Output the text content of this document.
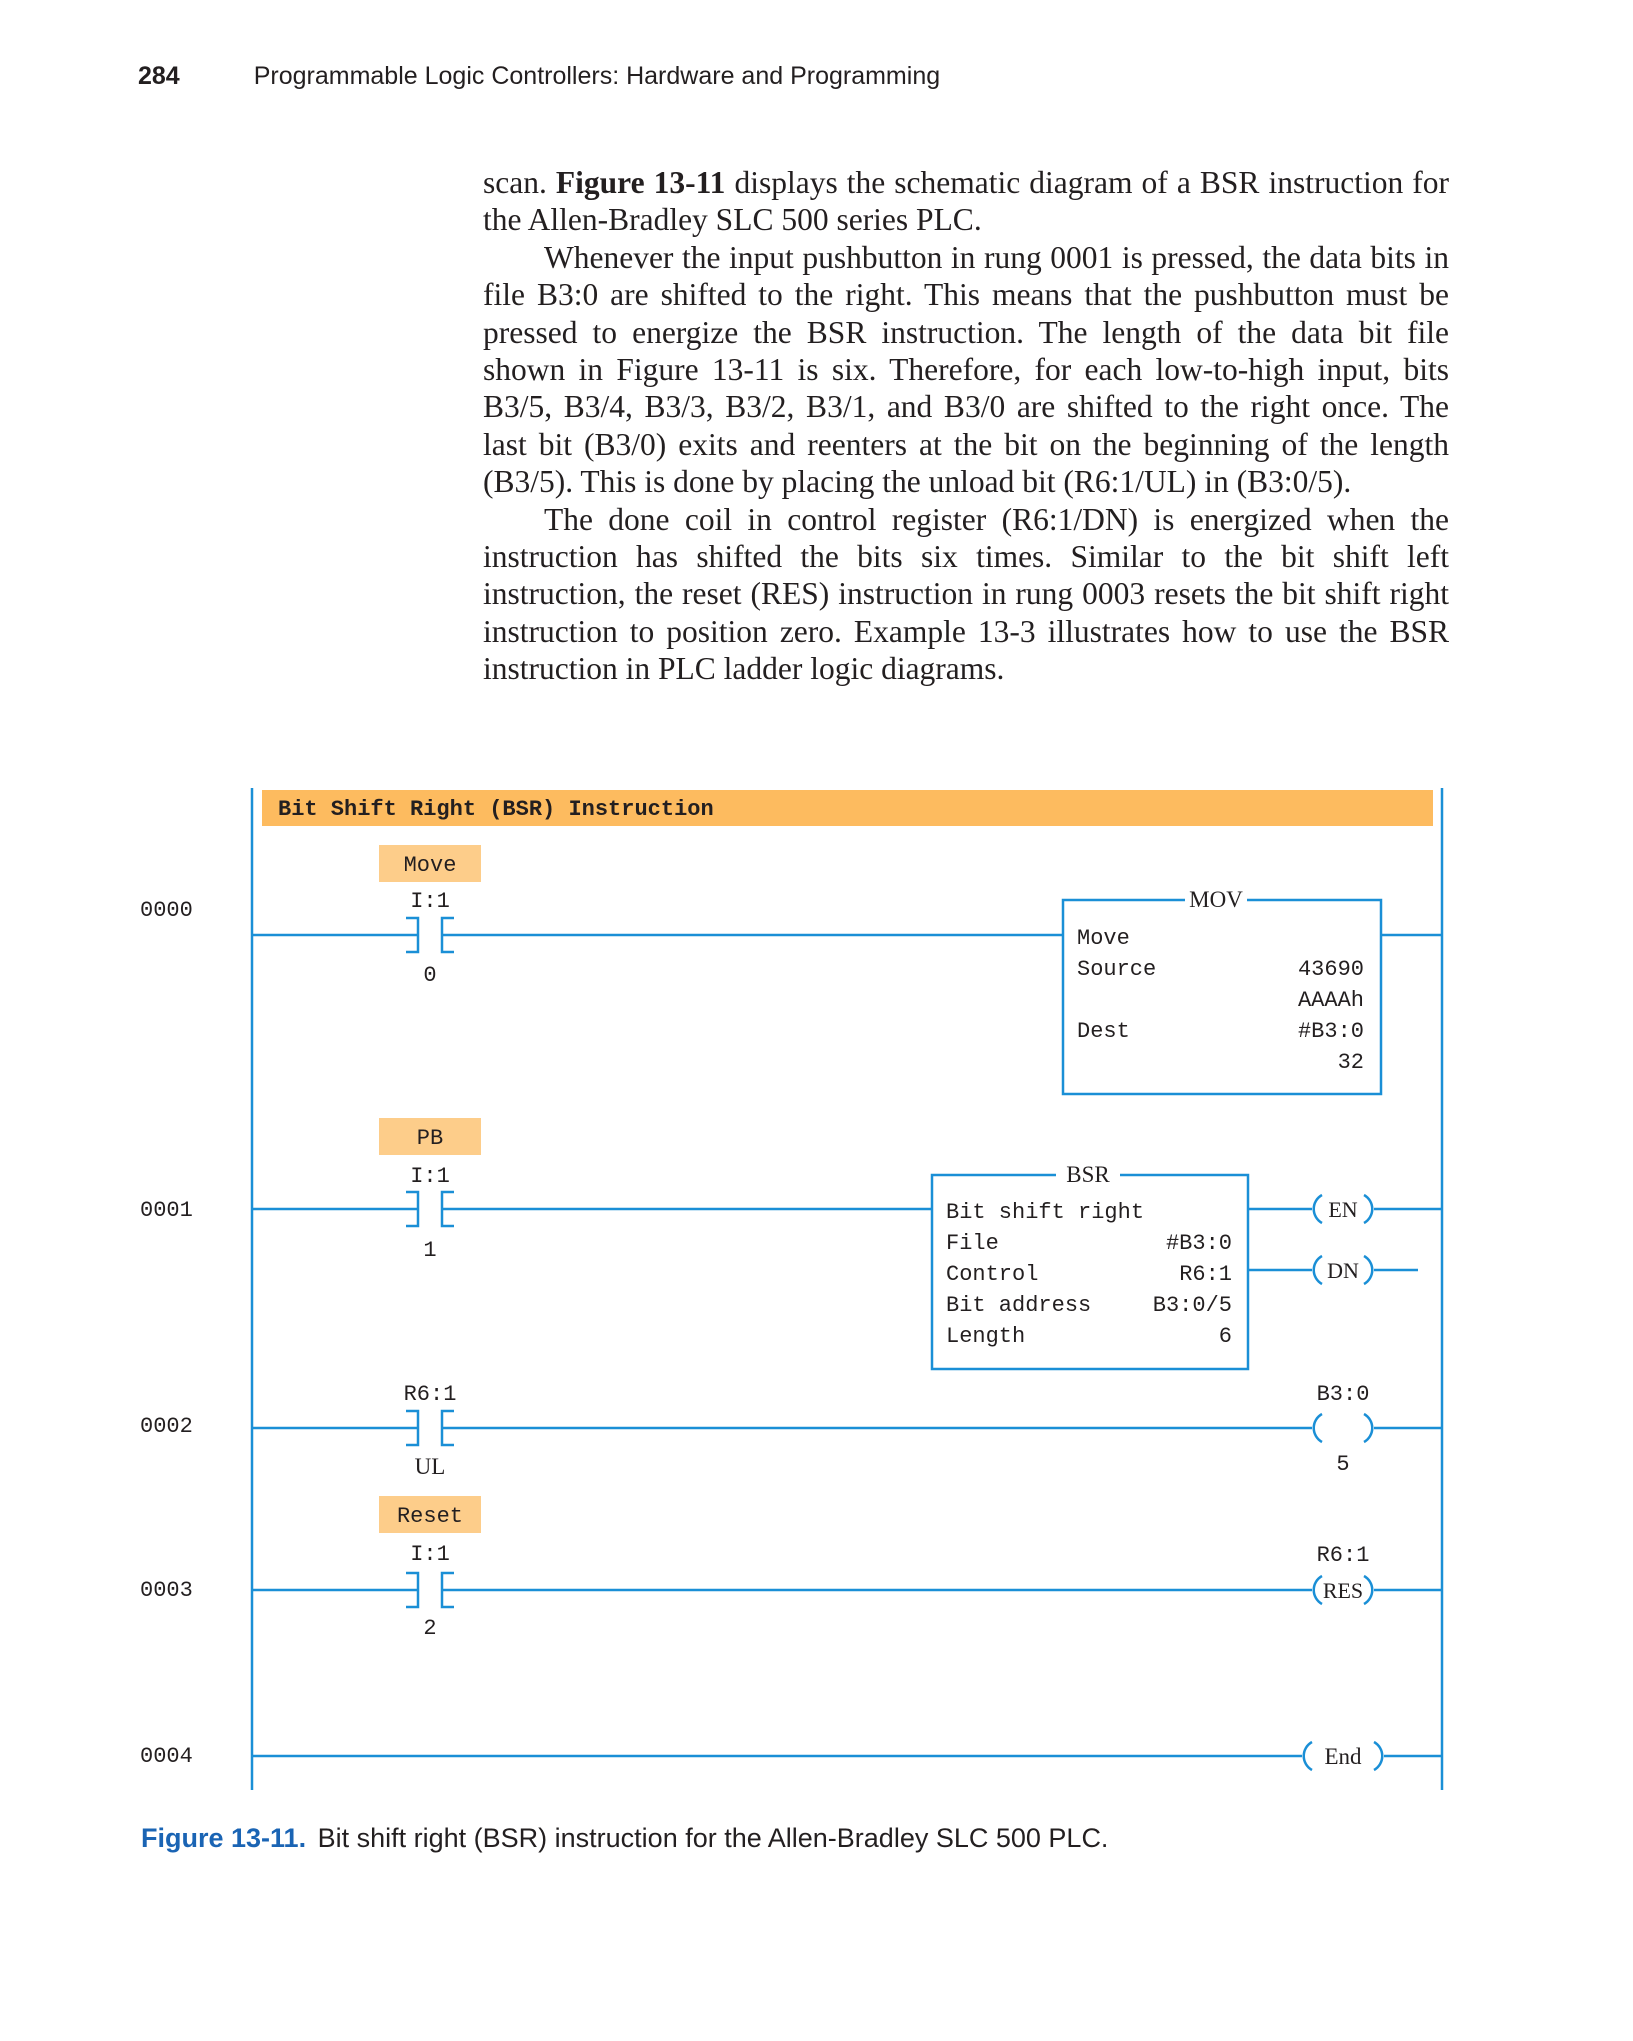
284	Programmable Logic Controllers: Hardware and Programming

scan. Figure 13-11 displays the schematic diagram of a BSR instruction for the Allen-Bradley SLC 500 series PLC.

Whenever the input pushbutton in rung 0001 is pressed, the data bits in file B3:0 are shifted to the right. This means that the pushbutton must be pressed to energize the BSR instruction. The length of the data bit file shown in Figure 13-11 is six. Therefore, for each low-to-high input, bits B3/5, B3/4, B3/3, B3/2, B3/1, and B3/0 are shifted to the right once. The last bit (B3/0) exits and reenters at the bit on the beginning of the length (B3/5). This is done by placing the unload bit (R6:1/UL) in (B3:0/5).

The done coil in control register (R6:1/DN) is energized when the instruction has shifted the bits six times. Similar to the bit shift left instruction, the reset (RES) instruction in rung 0003 resets the bit shift right instruction to position zero. Example 13-3 illustrates how to use the BSR instruction in PLC ladder logic diagrams.

Bit Shift Right (BSR) Instruction
0000
0001
0002
0003
0004
Move
I:1
0
MOV
Move
Source	43690
AAAAh
Dest	#B3:0
32
PB
I:1
1
BSR
Bit shift right
File	#B3:0
Control	R6:1
Bit address	B3:0/5
Length	6
EN
DN
R6:1
UL
B3:0
5
Reset
I:1
2
R6:1
RES
End
Figure 13-11. Bit shift right (BSR) instruction for the Allen-Bradley SLC 500 PLC.
